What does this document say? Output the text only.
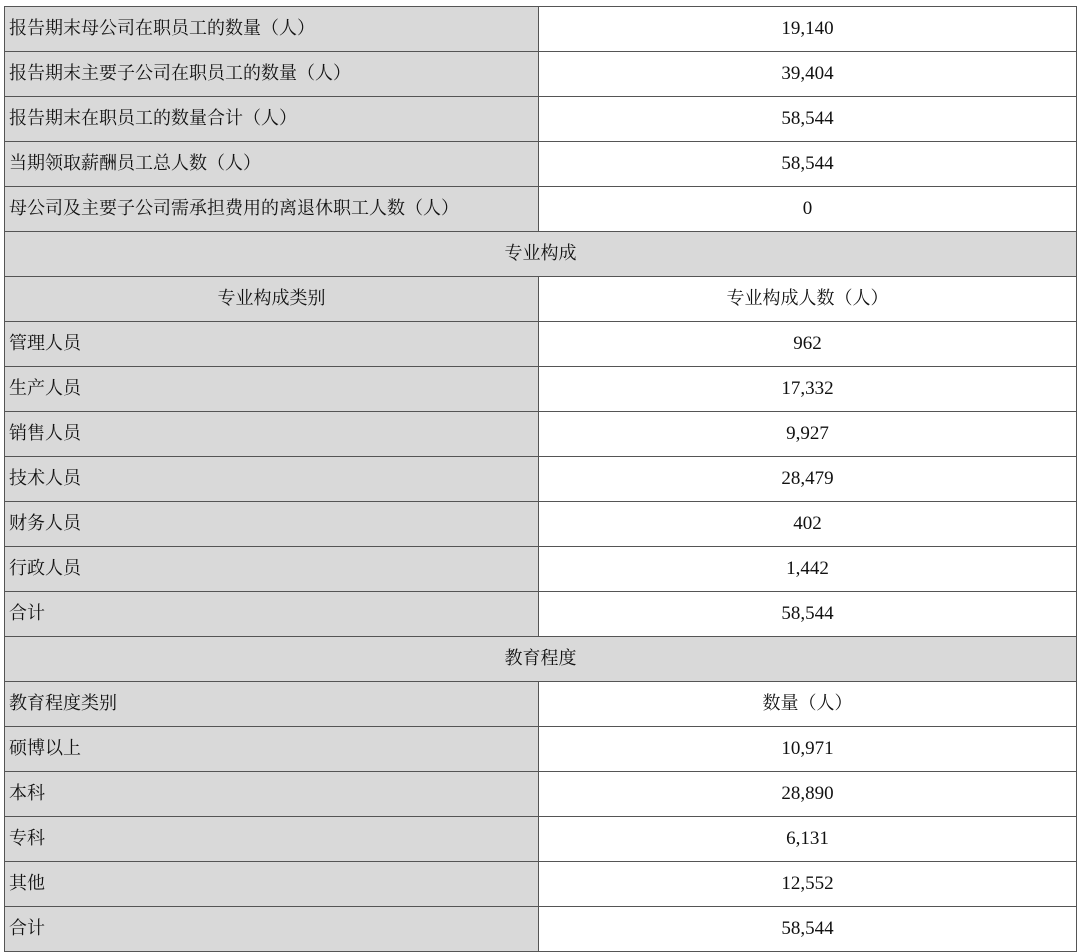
报告期末母公司在职员工的数量（人）	19,140
报告期末主要子公司在职员工的数量（人）	39,404
报告期末在职员工的数量合计（人）	58,544
当期领取薪酬员工总人数（人）	58,544
母公司及主要子公司需承担费用的离退休职工人数（人）	0
专业构成	
专业构成类别	专业构成人数（人）
管理人员	962
生产人员	17,332
销售人员	9,927
技术人员	28,479
财务人员	402
行政人员	1,442
合计	58,544
教育程度	
教育程度类别	数量（人）
硕博以上	10,971
本科	28,890
专科	6,131
其他	12,552
合计	58,544
